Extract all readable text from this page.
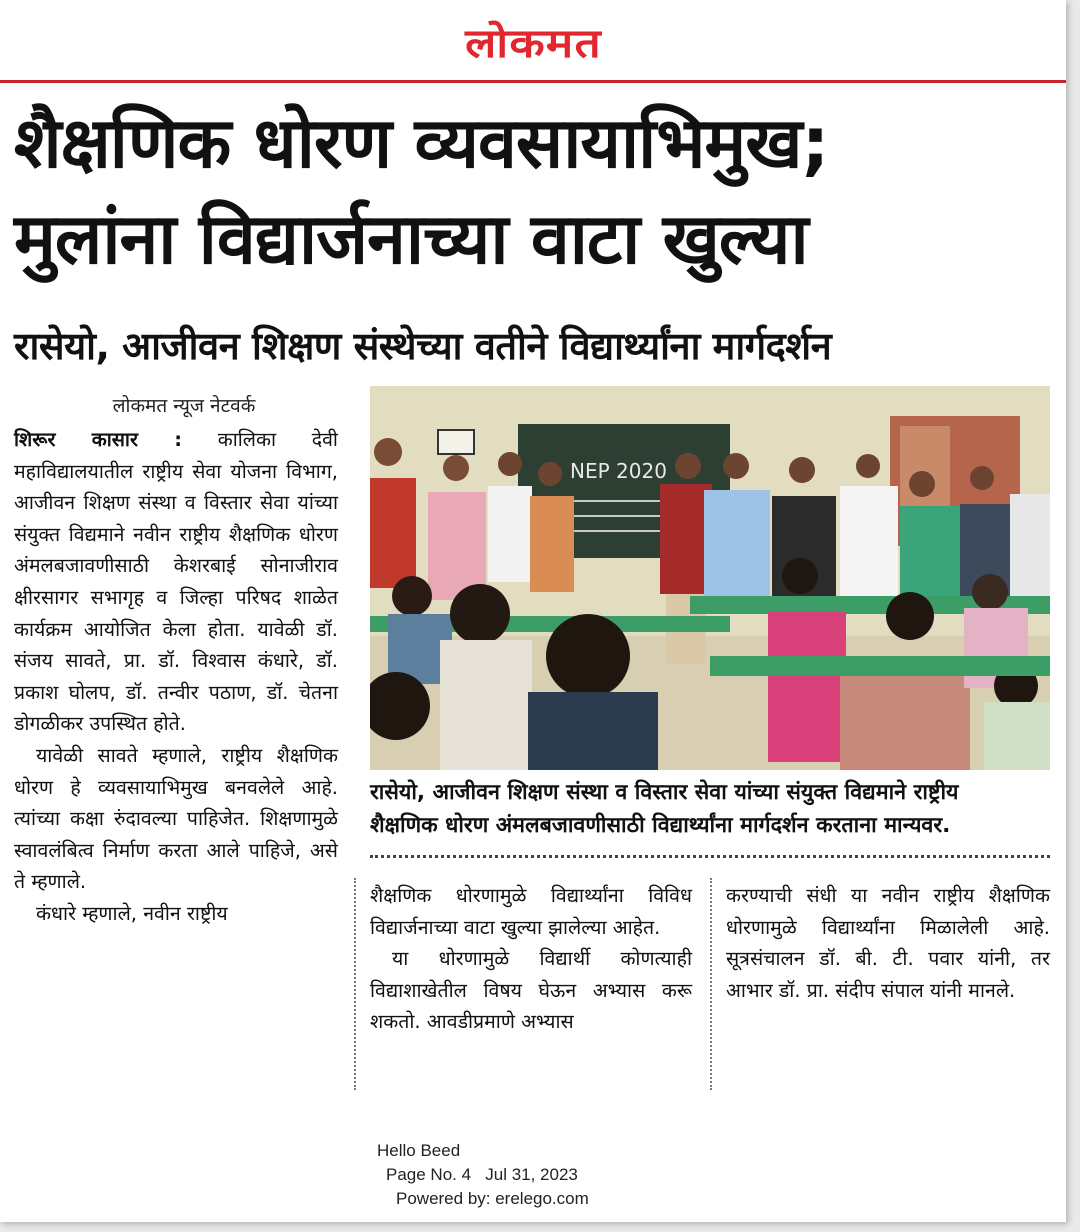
लोकमत
शैक्षणिक धोरण व्यवसायाभिमुख;
मुलांना विद्यार्जनाच्या वाटा खुल्या
रासेयो, आजीवन शिक्षण संस्थेच्या वतीने विद्यार्थ्यांना मार्गदर्शन
लोकमत न्यूज नेटवर्क

शिरूर कासार : कालिका देवी महाविद्यालयातील राष्ट्रीय सेवा योजना विभाग, आजीवन शिक्षण संस्था व विस्तार सेवा यांच्या संयुक्त विद्यमाने नवीन राष्ट्रीय शैक्षणिक धोरण अंमलबजावणीसाठी केशरबाई सोनाजीराव क्षीरसागर सभागृह व जिल्हा परिषद शाळेत कार्यक्रम आयोजित केला होता. यावेळी डॉ. संजय सावते, प्रा. डॉ. विश्वास कंधारे, डॉ. प्रकाश घोलप, डॉ. तन्वीर पठाण, डॉ. चेतना डोगळीकर उपस्थित होते.

यावेळी सावते म्हणाले, राष्ट्रीय शैक्षणिक धोरण हे व्यवसायाभिमुख बनवलेले आहे. त्यांच्या कक्षा रुंदावल्या पाहिजेत. शिक्षणामुळे स्वावलंबित्व निर्माण करता आले पाहिजे, असे ते म्हणाले.

कंधारे म्हणाले, नवीन राष्ट्रीय

NEP 2020
रासेयो, आजीवन शिक्षण संस्था व विस्तार सेवा यांच्या संयुक्त विद्यमाने राष्ट्रीय
शैक्षणिक धोरण अंमलबजावणीसाठी विद्यार्थ्यांना मार्गदर्शन करताना मान्यवर.

शैक्षणिक धोरणामुळे विद्यार्थ्यांना विविध विद्यार्जनाच्या वाटा खुल्या झालेल्या आहेत.

या धोरणामुळे विद्यार्थी कोणत्याही विद्याशाखेतील विषय घेऊन अभ्यास करू शकतो. आवडीप्रमाणे अभ्यास

करण्याची संधी या नवीन राष्ट्रीय शैक्षणिक धोरणामुळे विद्यार्थ्यांना मिळालेली आहे. सूत्रसंचालन डॉ. बी. टी. पवार यांनी, तर आभार डॉ. प्रा. संदीप संपाल यांनी मानले.

Hello Beed
Page No. 4 Jul 31, 2023
Powered by: erelego.com
